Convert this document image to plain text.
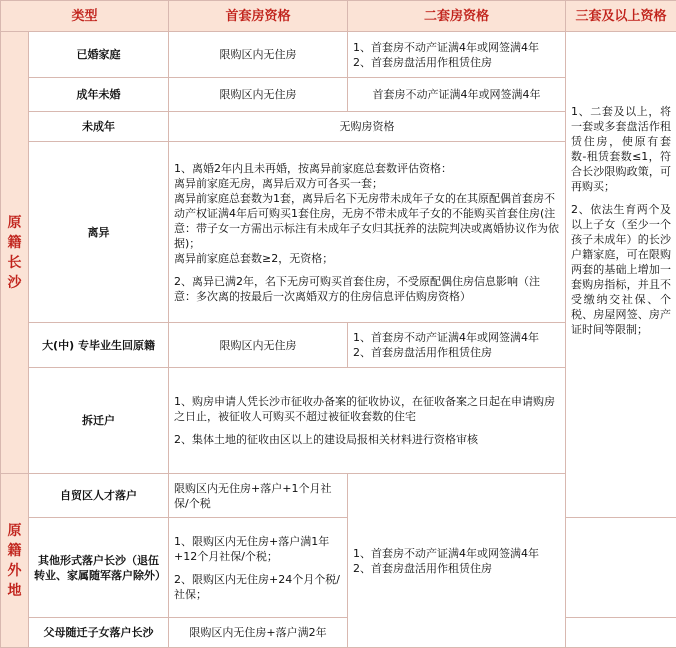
类型		首套房资格	二套房资格	三套及以上资格

原
籍
长
沙	已婚家庭	限购区内无住房	1、首套房不动产证满4年或网签满4年
2、首套房盘活用作租赁住房	1、二套及以上，将一套或多套盘活作租赁住房，使原有套数-租赁套数≤1，符合长沙限购政策，可再购买；
2、依法生育两个及以上子女（至少一个孩子未成年）的长沙户籍家庭，可在限购两套的基础上增加一套购房指标，并且不受缴纳交社保、个税、房屋网签、房产证时间等限制；

	成年未婚	限购区内无住房	首套房不动产证满4年或网签满4年	
	未成年	无购房资格		
	离异	1、离婚2年内且未再婚，按离异前家庭总套数评估资格：
离异前家庭无房，离异后双方可各买一套；
离异前家庭总套数为1套，离异后名下无房带未成年子女的在其原配偶首套房不动产权证满4年后可购买1套住房，无房不带未成年子女的不能购买首套住房(注意：带子女一方需出示标注有未成年子女归其抚养的法院判决或离婚协议作为依据)；
离异前家庭总套数≥2，无资格；
2、离异已满2年，名下无房可购买首套住房，不受原配偶住房信息影响（注意：多次离的按最后一次离婚双方的住房信息评估购房资格）		

	大(中) 专毕业生回原籍	限购区内无住房	1、首套房不动产证满4年或网签满4年
2、首套房盘活用作租赁住房	

	拆迁户	1、购房申请人凭长沙市征收办备案的征收协议，在征收备案之日起在申请购房之日止，被征收人可购买不超过被征收套数的住宅
2、集体土地的征收由区以上的建设局报相关材料进行资格审核		

原
籍
外
地	自贸区人才落户	限购区内无住房+落户+1个月社保/个税	1、首套房不动产证满4年或网签满4年
2、首套房盘活用作租赁住房	

	其他形式落户长沙（退伍转业、家属随军落户除外）	1、限购区内无住房+落户满1年+12个月社保/个税；
2、限购区内无住房+24个月个税/社保；		

	父母随迁子女落户长沙	限购区内无住房+落户满2年		
